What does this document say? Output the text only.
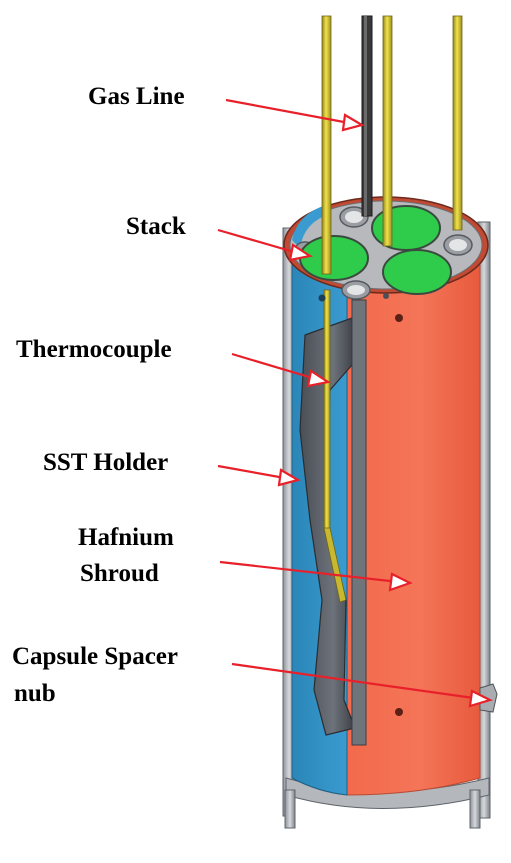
Gas Line
Stack
Thermocouple
SST Holder
Hafnium
Shroud
Capsule Spacer
nub
